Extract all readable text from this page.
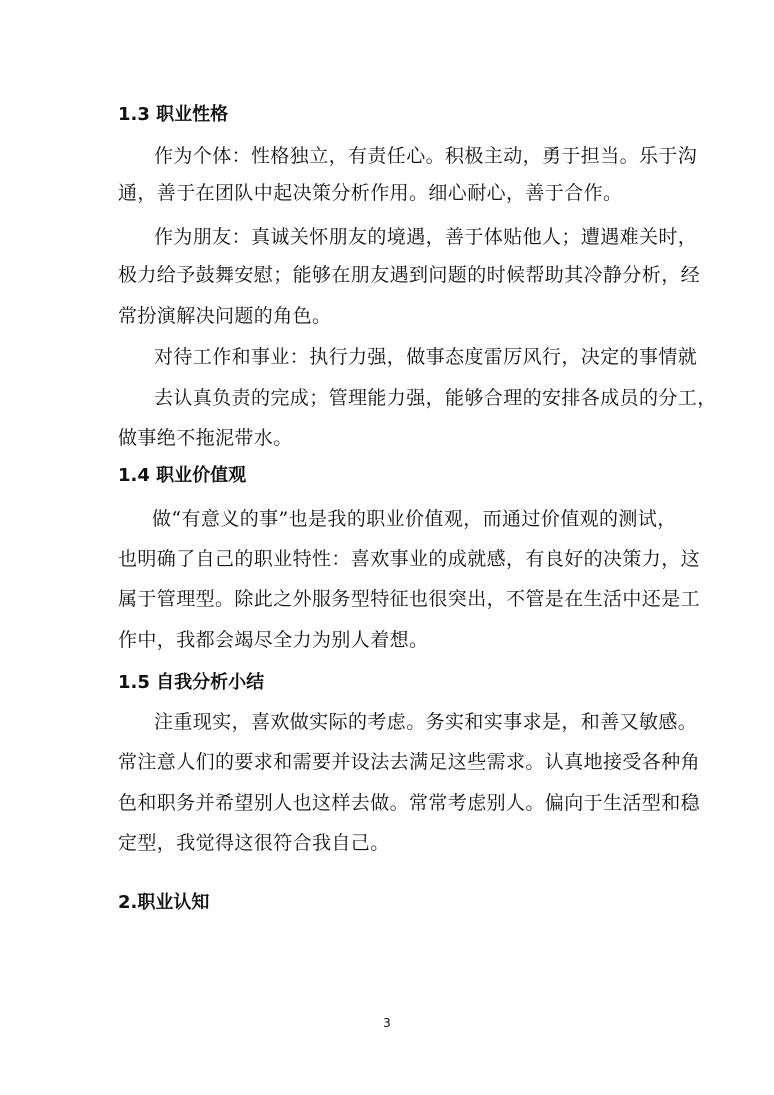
1.3 职业性格
作为个体：性格独立，有责任心。积极主动，勇于担当。乐于沟
通，善于在团队中起决策分析作用。细心耐心，善于合作。
作为朋友：真诚关怀朋友的境遇，善于体贴他人；遭遇难关时，
极力给予鼓舞安慰；能够在朋友遇到问题的时候帮助其冷静分析，经
常扮演解决问题的角色。
对待工作和事业：执行力强，做事态度雷厉风行，决定的事情就
去认真负责的完成；管理能力强，能够合理的安排各成员的分工，
做事绝不拖泥带水。
1.4 职业价值观
做“有意义的事”也是我的职业价值观，而通过价值观的测试，
也明确了自己的职业特性：喜欢事业的成就感，有良好的决策力，这
属于管理型。除此之外服务型特征也很突出，不管是在生活中还是工
作中，我都会竭尽全力为别人着想。
1.5 自我分析小结
注重现实，喜欢做实际的考虑。务实和实事求是，和善又敏感。
常注意人们的要求和需要并设法去满足这些需求。认真地接受各种角
色和职务并希望别人也这样去做。常常考虑别人。偏向于生活型和稳
定型，我觉得这很符合我自己。
2.职业认知
3
